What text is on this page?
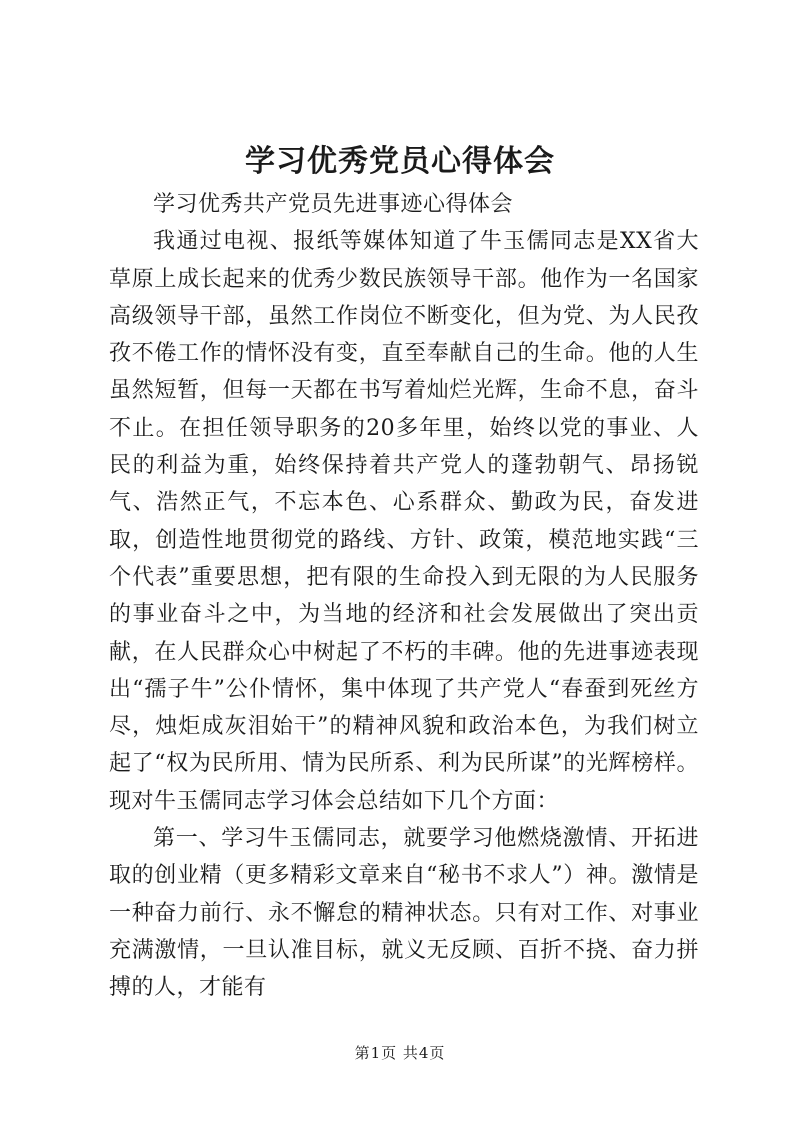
学习优秀党员心得体会

学习优秀共产党员先进事迹心得体会

我通过电视、报纸等媒体知道了牛玉儒同志是XX省大草原上成长起来的优秀少数民族领导干部。他作为一名国家高级领导干部，虽然工作岗位不断变化，但为党、为人民孜孜不倦工作的情怀没有变，直至奉献自己的生命。他的人生虽然短暂，但每一天都在书写着灿烂光辉，生命不息，奋斗不止。在担任领导职务的20多年里，始终以党的事业、人民的利益为重，始终保持着共产党人的蓬勃朝气、昂扬锐气、浩然正气，不忘本色、心系群众、勤政为民，奋发进取，创造性地贯彻党的路线、方针、政策，模范地实践“三个代表”重要思想，把有限的生命投入到无限的为人民服务的事业奋斗之中，为当地的经济和社会发展做出了突出贡献，在人民群众心中树起了不朽的丰碑。他的先进事迹表现出“孺子牛”公仆情怀，集中体现了共产党人“春蚕到死丝方尽，烛炬成灰泪始干”的精神风貌和政治本色，为我们树立起了“权为民所用、情为民所系、利为民所谋”的光辉榜样。现对牛玉儒同志学习体会总结如下几个方面：

第一、学习牛玉儒同志，就要学习他燃烧激情、开拓进取的创业精（更多精彩文章来自“秘书不求人”）神。激情是一种奋力前行、永不懈怠的精神状态。只有对工作、对事业充满激情，一旦认准目标，就义无反顾、百折不挠、奋力拼搏的人，才能有

第1页 共4页
